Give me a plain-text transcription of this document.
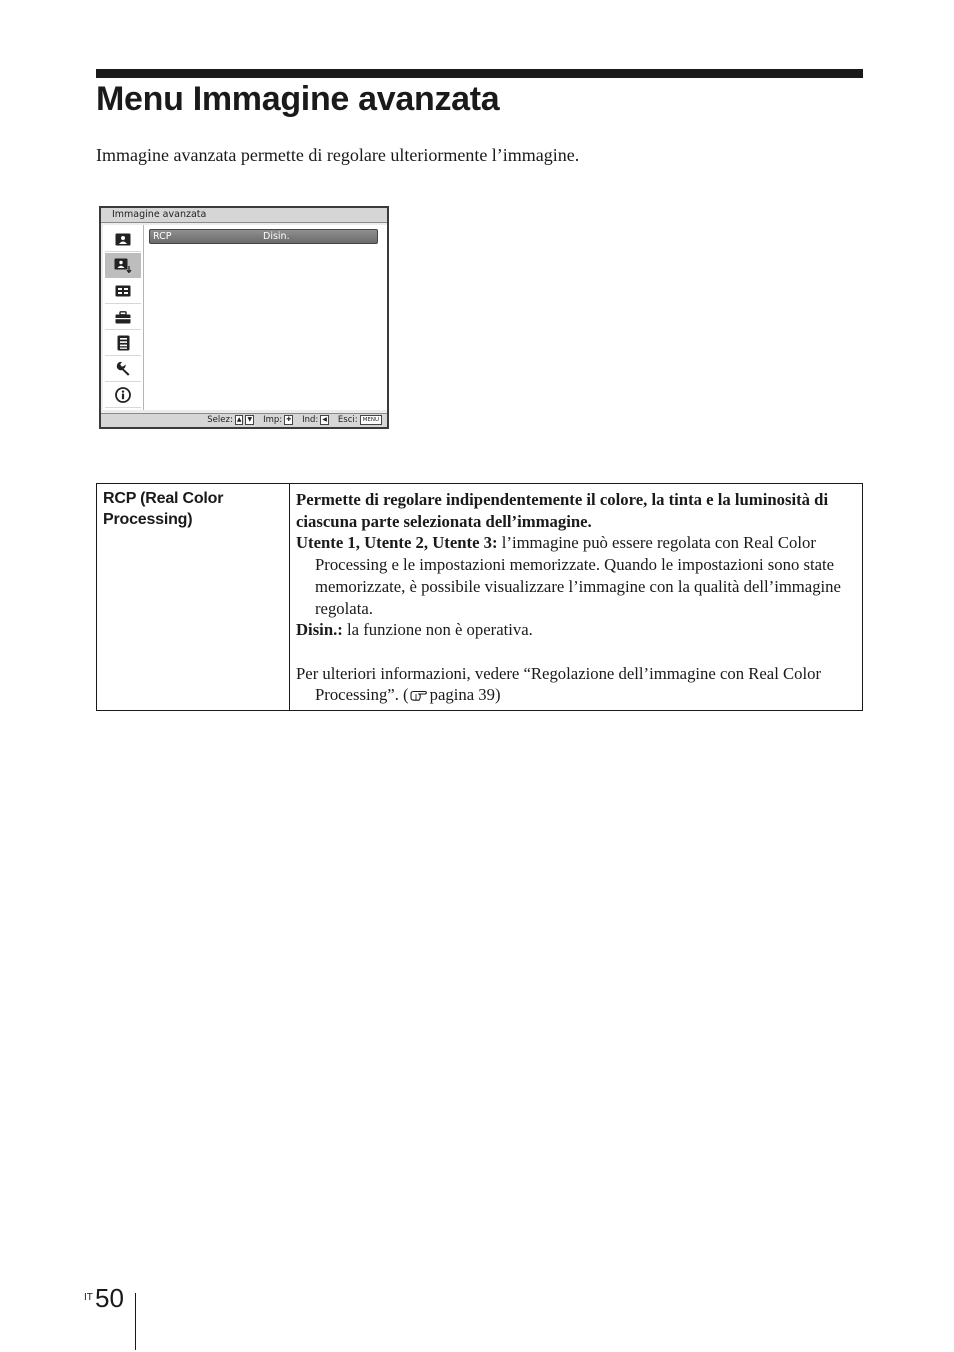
Menu Immagine avanzata

Immagine avanzata permette di regolare ulteriormente l’immagine.

Immagine avanzata
RCP	Disin.
Selez: ▲	▼ Imp: ✚ Ind: ◀ Esci: MENU
RCP (Real Color Processing)

Permette di regolare indipendentemente il colore, la tinta e la luminosità di ciascuna parte selezionata dell’immagine.

Utente 1, Utente 2, Utente 3: l’immagine può essere regolata con Real Color Processing e le impostazioni memorizzate. Quando le impostazioni sono state memorizzate, è possibile visualizzare l’immagine con la qualità dell’immagine regolata.

Disin.: la funzione non è operativa.

Per ulteriori informazioni, vedere “Regolazione dell’immagine con Real Color Processing”. ( pagina 39)

IT 50
